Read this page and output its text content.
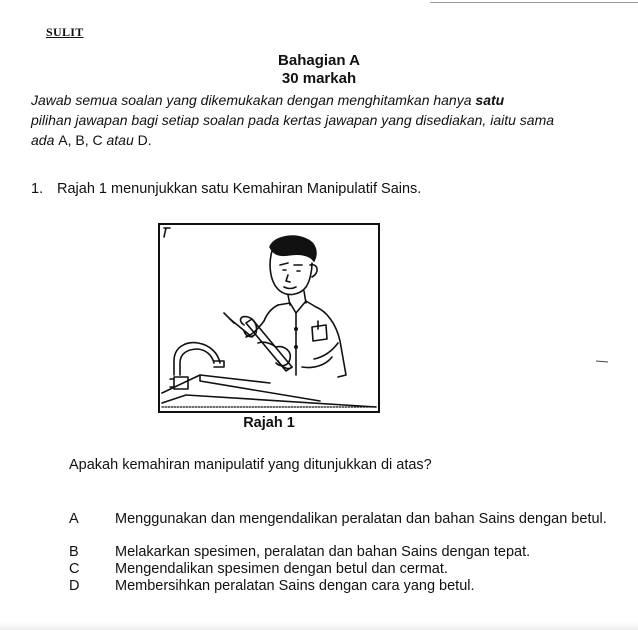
SULIT
Bahagian A
30 markah
Jawab semua soalan yang dikemukakan dengan menghitamkan hanya satu
pilihan jawapan bagi setiap soalan pada kertas jawapan yang disediakan, iaitu sama
ada A, B, C atau D.
1. Rajah 1 menunjukkan satu Kemahiran Manipulatif Sains.
Rajah 1
Apakah kemahiran manipulatif yang ditunjukkan di atas?
A	Menggunakan dan mengendalikan peralatan dan bahan Sains dengan betul.
B	Melakarkan spesimen, peralatan dan bahan Sains dengan tepat.
C Mengendalikan spesimen dengan betul dan cermat.
D Membersihkan peralatan Sains dengan cara yang betul.
